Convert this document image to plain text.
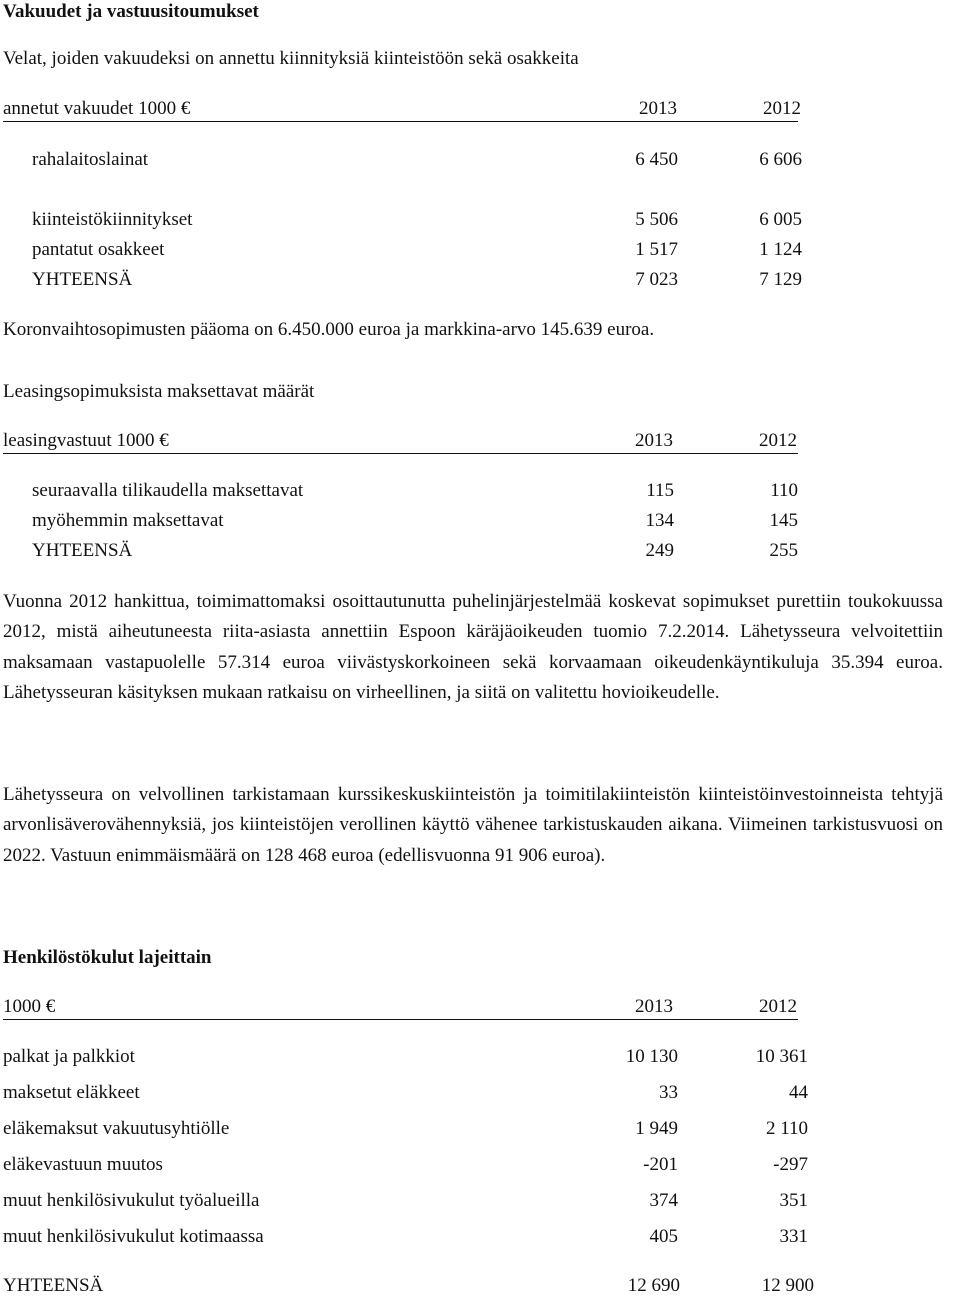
Vakuudet ja vastuusitoumukset
Velat, joiden vakuudeksi on annettu kiinnityksiä kiinteistöön sekä osakkeita
annetut vakuudet 1000 €	2013	2012
rahalaitoslainat	6 450	6 606
kiinteistökiinnitykset	5 506	6 005
pantatut osakkeet	1 517	1 124
YHTEENSÄ	7 023	7 129
Koronvaihtosopimusten pääoma on 6.450.000 euroa ja markkina-arvo 145.639 euroa.
Leasingsopimuksista maksettavat määrät
leasingvastuut 1000 €	2013	2012
seuraavalla tilikaudella maksettavat	115	110
myöhemmin maksettavat	134	145
YHTEENSÄ	249	255
Vuonna 2012 hankittua, toimimattomaksi osoittautunutta puhelinjärjestelmää koskevat sopimukset purettiin toukokuussa 2012, mistä aiheutuneesta riita-asiasta annettiin Espoon käräjäoikeuden tuomio 7.2.2014. Lähetysseura velvoitettiin maksamaan vastapuolelle 57.314 euroa viivästyskorkoineen sekä korvaamaan oikeudenkäyntikuluja 35.394 euroa. Lähetysseuran käsityksen mukaan ratkaisu on virheellinen, ja siitä on valitettu hovioikeudelle.
Lähetysseura on velvollinen tarkistamaan kurssikeskuskiinteistön ja toimitilakiinteistön kiinteistöinvestoinneista tehtyjä arvonlisäverovähennyksiä, jos kiinteistöjen verollinen käyttö vähenee tarkistuskauden aikana. Viimeinen tarkistusvuosi on 2022. Vastuun enimmäismäärä on 128 468 euroa (edellisvuonna 91 906 euroa).
Henkilöstökulut lajeittain
1000 €	2013	2012
palkat ja palkkiot	10 130	10 361
maksetut eläkkeet	33	44
eläkemaksut vakuutusyhtiölle	1 949	2 110
eläkevastuun muutos	-201	-297
muut henkilösivukulut työalueilla	374	351
muut henkilösivukulut kotimaassa	405	331
YHTEENSÄ	12 690	12 900
